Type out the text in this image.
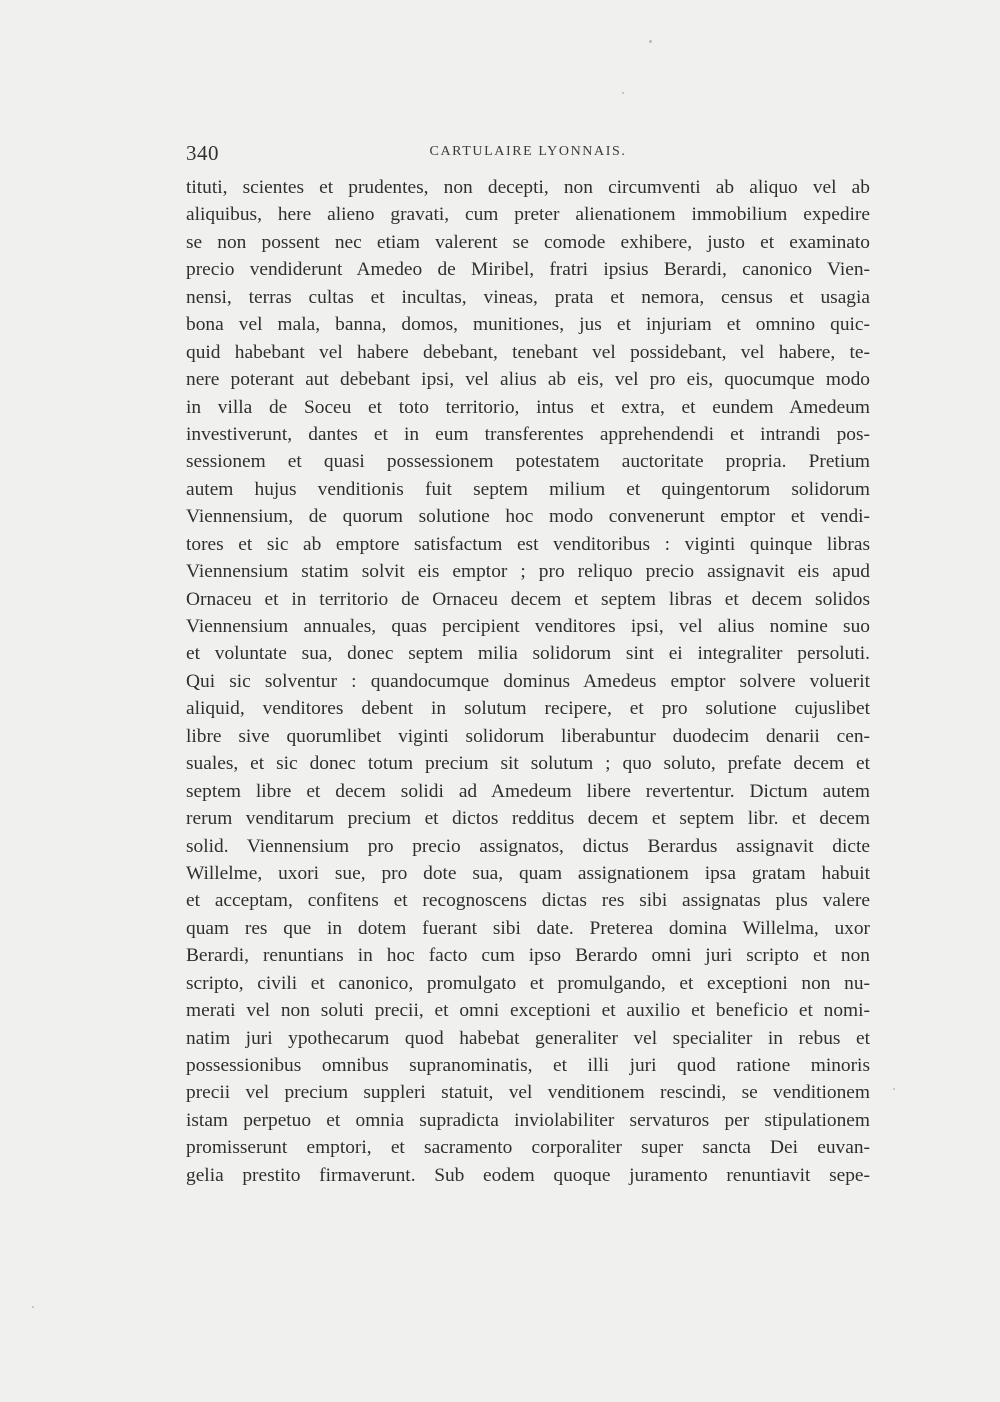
340	CARTULAIRE LYONNAIS.
tituti, scientes et prudentes, non decepti, non circumventi ab aliquo vel ab
aliquibus, here alieno gravati, cum preter alienationem immobilium expedire
se non possent nec etiam valerent se comode exhibere, justo et examinato
precio vendiderunt Amedeo de Miribel, fratri ipsius Berardi, canonico Vien-
nensi, terras cultas et incultas, vineas, prata et nemora, census et usagia
bona vel mala, banna, domos, munitiones, jus et injuriam et omnino quic-
quid habebant vel habere debebant, tenebant vel possidebant, vel habere, te-
nere poterant aut debebant ipsi, vel alius ab eis, vel pro eis, quocumque modo
in villa de Soceu et toto territorio, intus et extra, et eundem Amedeum
investiverunt, dantes et in eum transferentes apprehendendi et intrandi pos-
sessionem et quasi possessionem potestatem auctoritate propria. Pretium
autem hujus venditionis fuit septem milium et quingentorum solidorum
Viennensium, de quorum solutione hoc modo convenerunt emptor et vendi-
tores et sic ab emptore satisfactum est venditoribus : viginti quinque libras
Viennensium statim solvit eis emptor ; pro reliquo precio assignavit eis apud
Ornaceu et in territorio de Ornaceu decem et septem libras et decem solidos
Viennensium annuales, quas percipient venditores ipsi, vel alius nomine suo
et voluntate sua, donec septem milia solidorum sint ei integraliter persoluti.
Qui sic solventur : quandocumque dominus Amedeus emptor solvere voluerit
aliquid, venditores debent in solutum recipere, et pro solutione cujuslibet
libre sive quorumlibet viginti solidorum liberabuntur duodecim denarii cen-
suales, et sic donec totum precium sit solutum ; quo soluto, prefate decem et
septem libre et decem solidi ad Amedeum libere revertentur. Dictum autem
rerum venditarum precium et dictos redditus decem et septem libr. et decem
solid. Viennensium pro precio assignatos, dictus Berardus assignavit dicte
Willelme, uxori sue, pro dote sua, quam assignationem ipsa gratam habuit
et acceptam, confitens et recognoscens dictas res sibi assignatas plus valere
quam res que in dotem fuerant sibi date. Preterea domina Willelma, uxor
Berardi, renuntians in hoc facto cum ipso Berardo omni juri scripto et non
scripto, civili et canonico, promulgato et promulgando, et exceptioni non nu-
merati vel non soluti precii, et omni exceptioni et auxilio et beneficio et nomi-
natim juri ypothecarum quod habebat generaliter vel specialiter in rebus et
possessionibus omnibus supranominatis, et illi juri quod ratione minoris
precii vel precium suppleri statuit, vel venditionem rescindi, se venditionem
istam perpetuo et omnia supradicta inviolabiliter servaturos per stipulationem
promisserunt emptori, et sacramento corporaliter super sancta Dei euvan-
gelia prestito firmaverunt. Sub eodem quoque juramento renuntiavit sepe-
